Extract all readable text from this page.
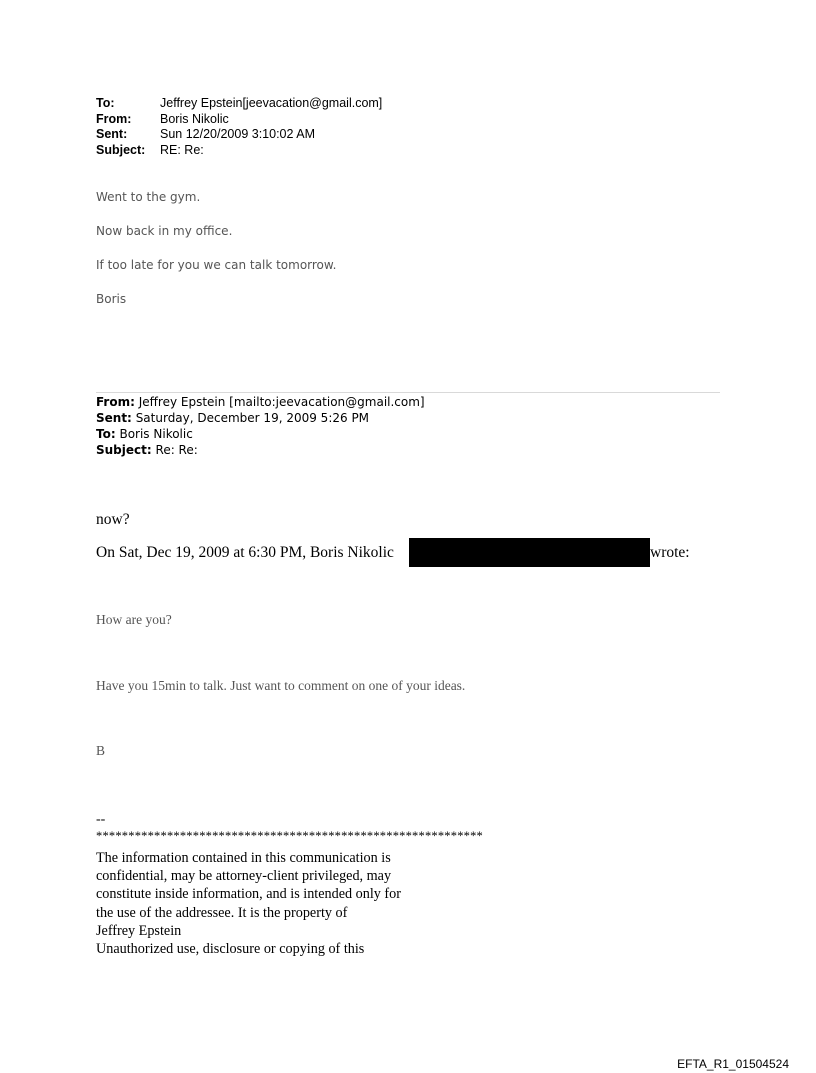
To:	Jeffrey Epstein[jeevacation@gmail.com]
From:	Boris Nikolic
Sent:	Sun 12/20/2009 3:10:02 AM
Subject:	RE: Re:
Went to the gym.
Now back in my office.
If too late for you we can talk tomorrow.
Boris
From: Jeffrey Epstein [mailto:jeevacation@gmail.com]
Sent: Saturday, December 19, 2009 5:26 PM
To: Boris Nikolic
Subject: Re: Re:
now?
On Sat, Dec 19, 2009 at 6:30 PM, Boris Nikolic	wrote:
How are you?
Have you 15min to talk. Just want to comment on one of your ideas.
B
--
************************************************************
The information contained in this communication is
confidential, may be attorney-client privileged, may
constitute inside information, and is intended only for
the use of the addressee. It is the property of
Jeffrey Epstein
Unauthorized use, disclosure or copying of this
EFTA_R1_01504524
